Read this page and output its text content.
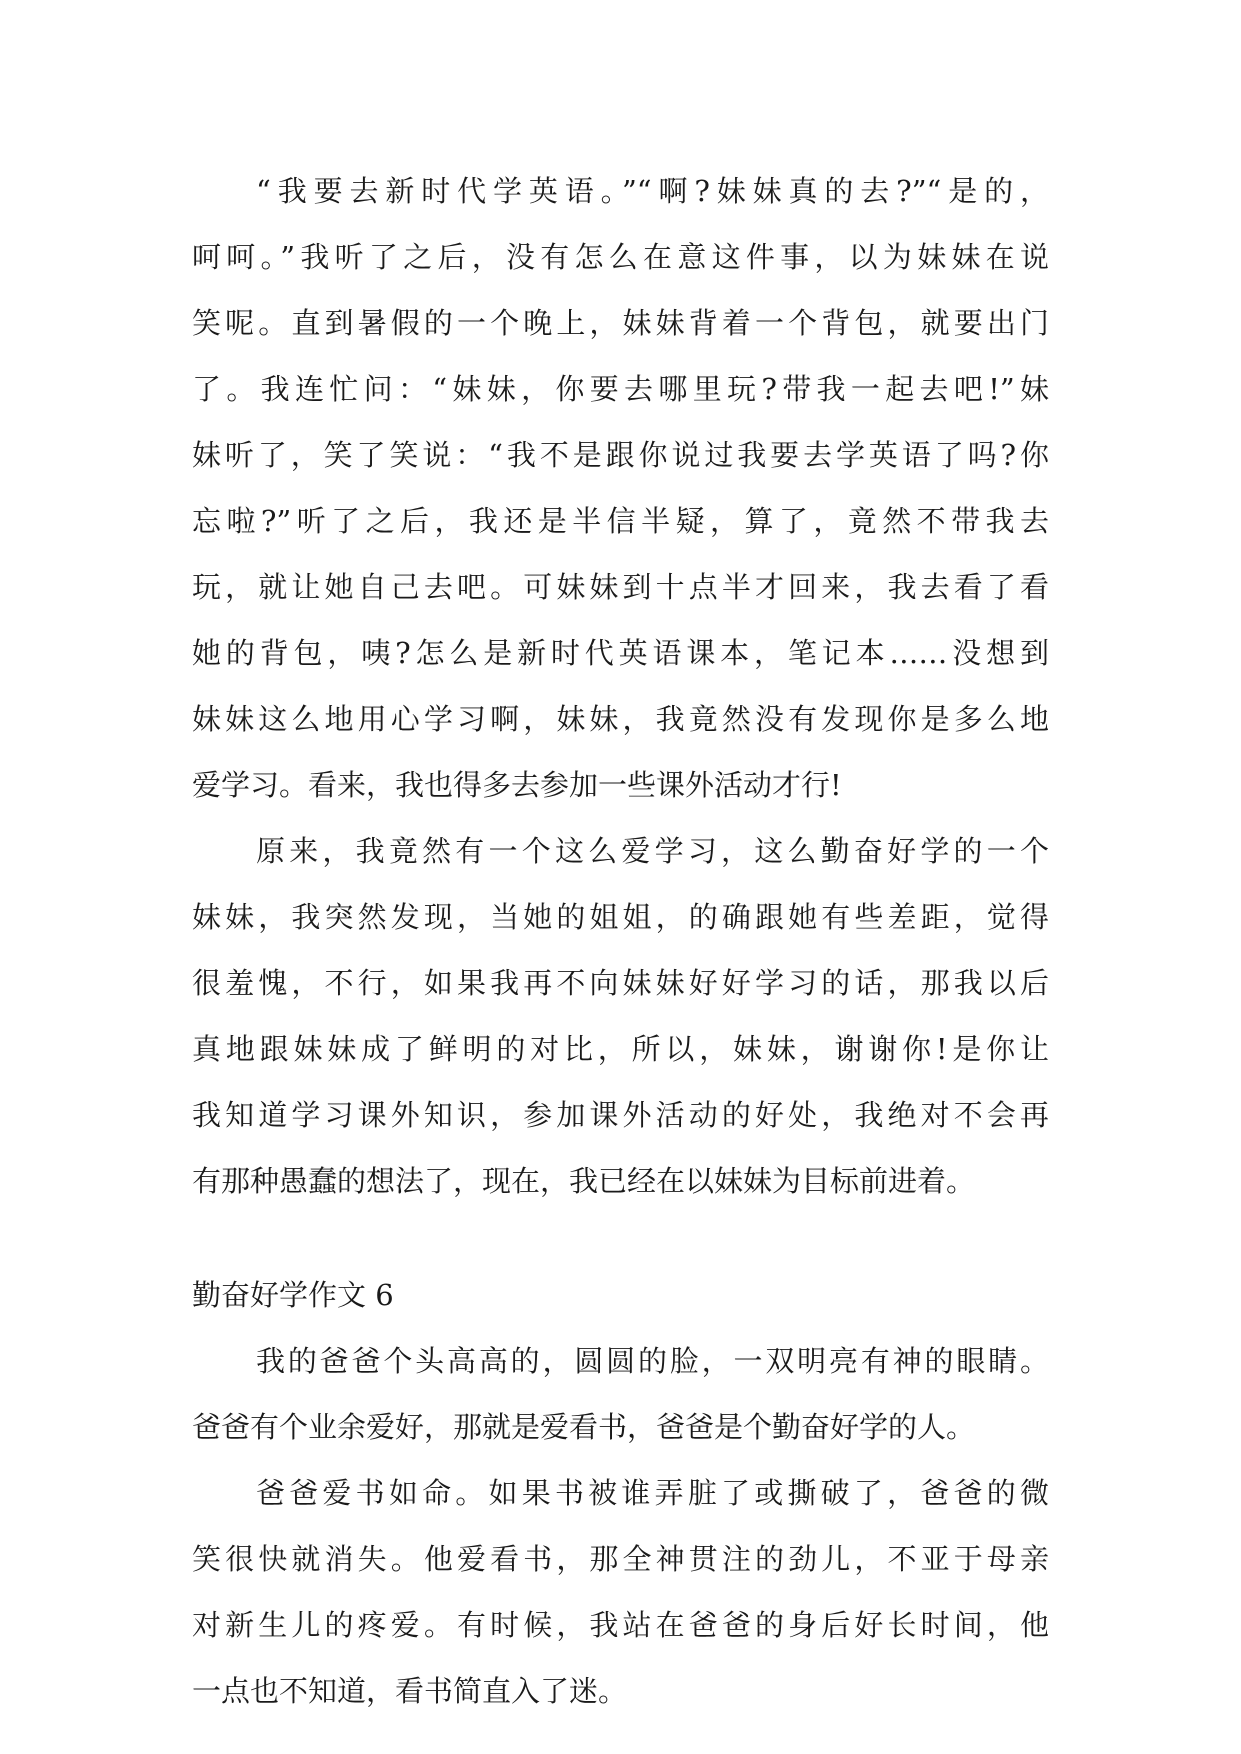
“我要去新时代学英语。”“啊?妹妹真的去?”“是的，
呵呵。”我听了之后，没有怎么在意这件事，以为妹妹在说
笑呢。直到暑假的一个晚上，妹妹背着一个背包，就要出门
了。我连忙问：“妹妹，你要去哪里玩?带我一起去吧!”妹
妹听了，笑了笑说：“我不是跟你说过我要去学英语了吗?你
忘啦?”听了之后，我还是半信半疑，算了，竟然不带我去
玩，就让她自己去吧。可妹妹到十点半才回来，我去看了看
她的背包，咦?怎么是新时代英语课本，笔记本……没想到
妹妹这么地用心学习啊，妹妹，我竟然没有发现你是多么地
爱学习。看来，我也得多去参加一些课外活动才行!
原来，我竟然有一个这么爱学习，这么勤奋好学的一个
妹妹，我突然发现，当她的姐姐，的确跟她有些差距，觉得
很羞愧，不行，如果我再不向妹妹好好学习的话，那我以后
真地跟妹妹成了鲜明的对比，所以，妹妹，谢谢你!是你让
我知道学习课外知识，参加课外活动的好处，我绝对不会再
有那种愚蠢的想法了，现在，我已经在以妹妹为目标前进着。
勤奋好学作文 6
我的爸爸个头高高的，圆圆的脸，一双明亮有神的眼睛。
爸爸有个业余爱好，那就是爱看书，爸爸是个勤奋好学的人。
爸爸爱书如命。如果书被谁弄脏了或撕破了，爸爸的微
笑很快就消失。他爱看书，那全神贯注的劲儿，不亚于母亲
对新生儿的疼爱。有时候，我站在爸爸的身后好长时间，他
一点也不知道，看书简直入了迷。
